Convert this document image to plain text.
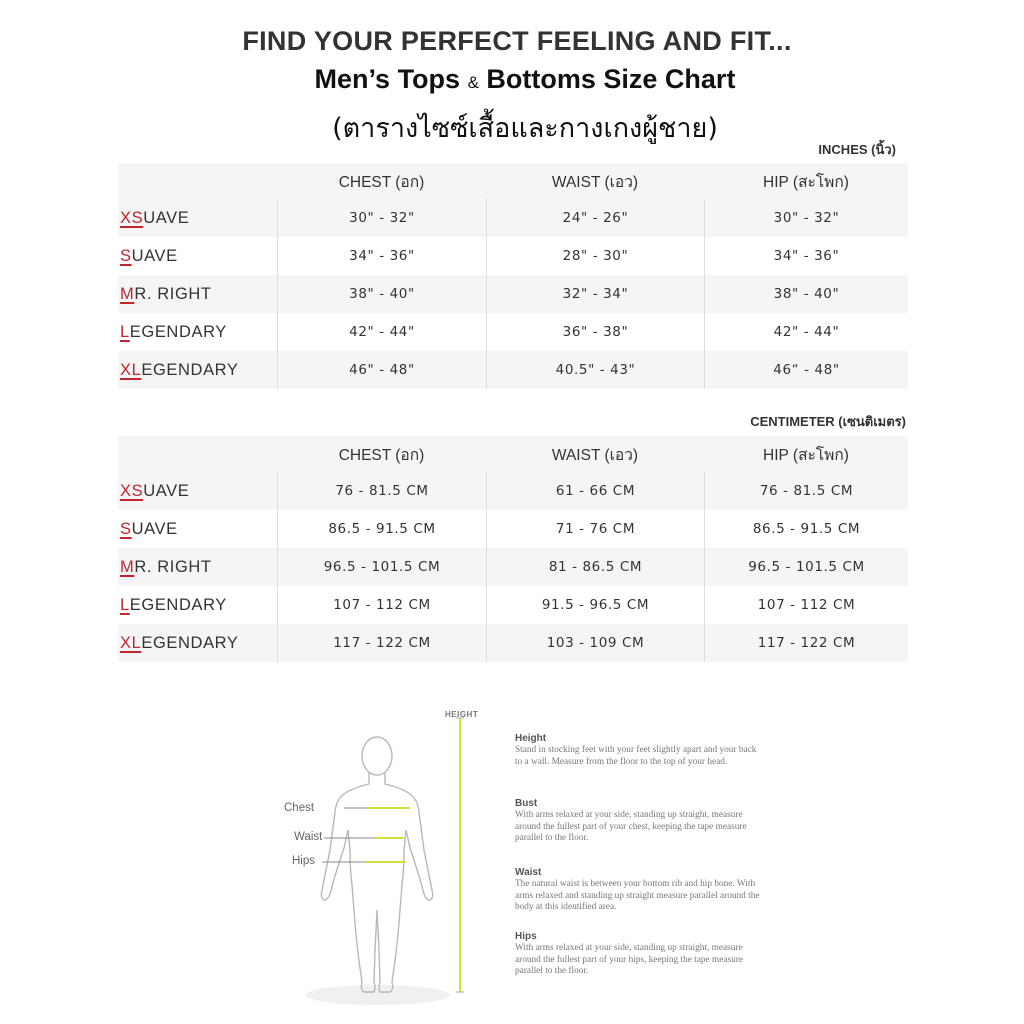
FIND YOUR PERFECT FEELING AND FIT...
Men’s Tops & Bottoms Size Chart
(ตารางไซซ์เสื้อและกางเกงผู้ชาย)
INCHES (นิ้ว)
CHEST (อก)	WAIST (เอว)	HIP (สะโพก)
XSUAVE	30" - 32"	24" - 26"	30" - 32"
SUAVE	34" - 36"	28" - 30"	34" - 36"
MR. RIGHT	38" - 40"	32" - 34"	38" - 40"
LEGENDARY	42" - 44"	36" - 38"	42" - 44"
XLEGENDARY	46" - 48"	40.5" - 43"	46“ - 48"
CENTIMETER (เซนติเมตร)
CHEST (อก)	WAIST (เอว)	HIP (สะโพก)
XSUAVE	76 - 81.5 CM	61 - 66 CM	76 - 81.5 CM
SUAVE	86.5 - 91.5 CM	71 - 76 CM	86.5 - 91.5 CM
MR. RIGHT	96.5 - 101.5 CM	81 - 86.5 CM	96.5 - 101.5 CM
LEGENDARY	107 - 112 CM	91.5 - 96.5 CM	107 - 112 CM
XLEGENDARY	117 - 122 CM	103 - 109 CM	117 - 122 CM
HEIGHT
Chest
Waist
Hips
Height
Stand in stocking feet with your feet slightly apart and your back to a wall. Measure from the floor to the top of your head.
Bust
With arms relaxed at your side, standing up straight, measure around the fullest part of your chest, keeping the tape measure parallel to the floor.
Waist
The natural waist is between your bottom rib and hip bone. With arms relaxed and standing up straight measure parallel around the body at this identified area.
Hips
With arms relaxed at your side, standing up straight, measure around the fullest part of your hips, keeping the tape measure parallel to the floor.
